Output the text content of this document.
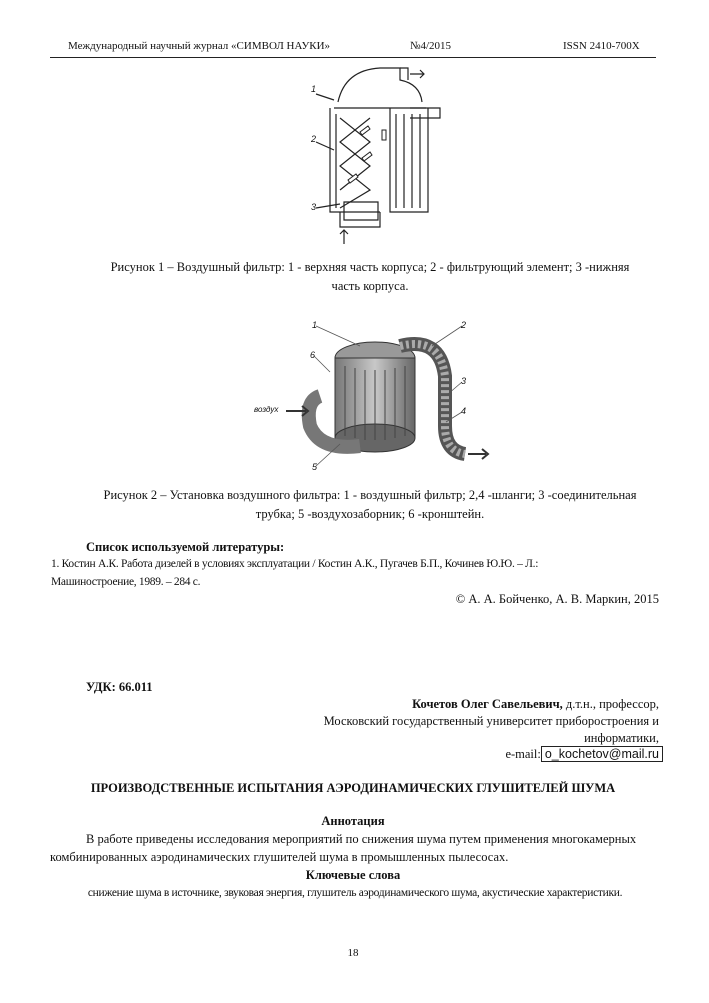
Международный научный журнал «СИМВОЛ НАУКИ»	№4/2015	ISSN 2410-700X
1
2
3
Рисунок 1 – Воздушный фильтр: 1 - верхняя часть корпуса; 2 - фильтрующий элемент; 3 -нижняя
часть корпуса.
1	2
3
4
5
6
воздух
Рисунок 2 – Установка воздушного фильтра: 1 - воздушный фильтр; 2,4 -шланги; 3 -соединительная
трубка; 5 -воздухозаборник; 6 -кронштейн.
Список используемой литературы:
1. Костин А.К. Работа дизелей в условиях эксплуатации / Костин А.К., Пугачев Б.П., Кочинев Ю.Ю. – Л.:
Машиностроение, 1989. – 284 с.
© А. А. Бойченко, А. В. Маркин, 2015
УДК: 66.011
Кочетов Олег Савельевич, д.т.н., профессор,
Московский государственный университет приборостроения и
информатики,
e-mail: o_kochetov@mail.ru
ПРОИЗВОДСТВЕННЫЕ ИСПЫТАНИЯ АЭРОДИНАМИЧЕСКИХ ГЛУШИТЕЛЕЙ ШУМА
Аннотация
В работе приведены исследования мероприятий по снижения шума путем применения многокамерных
комбинированных аэродинамических глушителей шума в промышленных пылесосах.
Ключевые слова
снижение шума в источнике, звуковая энергия, глушитель аэродинамического шума, акустические характеристики.
18
